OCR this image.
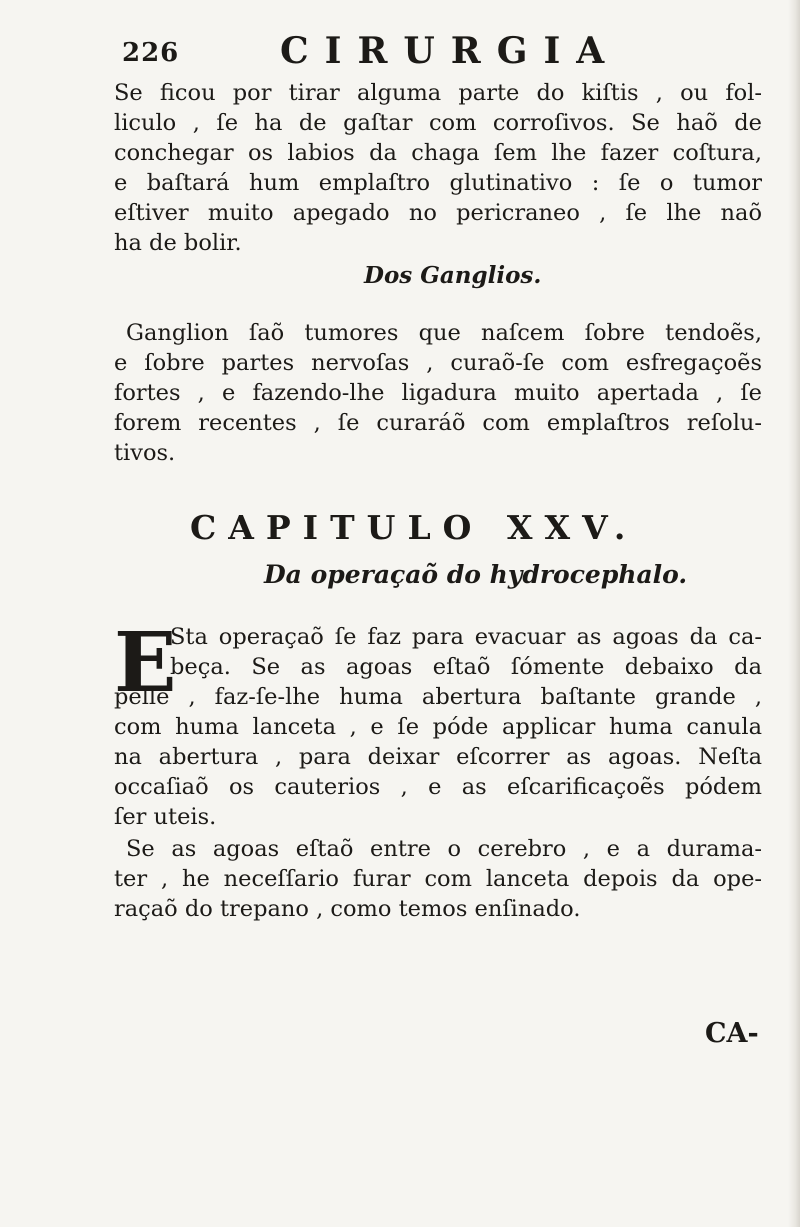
226	CIRURGIA
Se ficou por tirar alguma parte do kiſtis , ou fol-
liculo , ſe ha de gaſtar com corroſivos. Se haõ de
conchegar os labios da chaga ſem lhe fazer coſtura,
e baſtará hum emplaſtro glutinativo : ſe o tumor
eſtiver muito apegado no pericraneo , ſe lhe naõ
ha de bolir.
Dos Ganglios.
Ganglion ſaõ tumores que naſcem ſobre tendoẽs,
e ſobre partes nervoſas , curaõ-ſe com esfregaçoẽs
fortes , e fazendo-lhe ligadura muito apertada , ſe
forem recentes , ſe curaráõ com emplaſtros reſolu-
tivos.
CAPITULO XXV.
Da operaçaõ do hydrocephalo.
E
Sta operaçaõ ſe faz para evacuar as agoas da ca-
beça. Se as agoas eſtaõ ſómente debaixo da
pelle , faz-ſe-lhe huma abertura baſtante grande ,
com huma lanceta , e ſe póde applicar huma canula
na abertura , para deixar eſcorrer as agoas. Neſta
occaſiaõ os cauterios , e as eſcarificaçoẽs pódem
ſer uteis.
Se as agoas eſtaõ entre o cerebro , e a durama-
ter , he neceſſario furar com lanceta depois da ope-
raçaõ do trepano , como temos enſinado.
CA-
